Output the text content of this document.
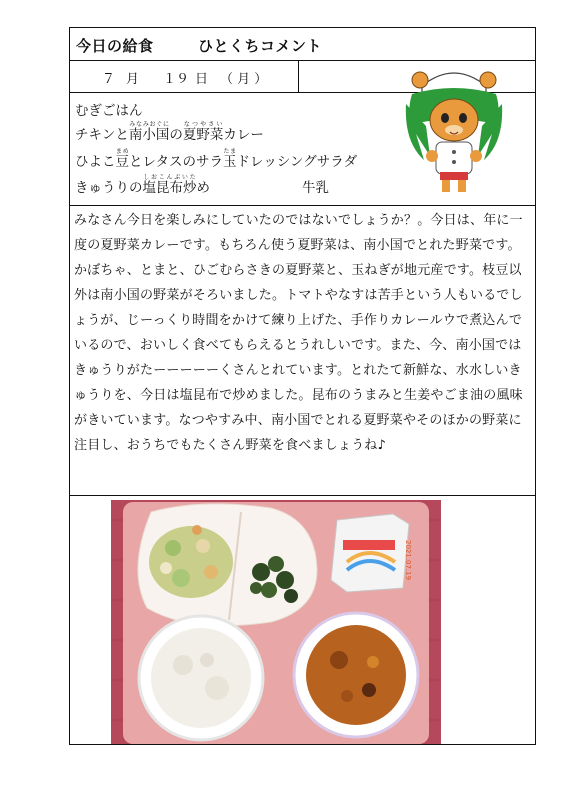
今日の給食	ひとくちコメント
７ 月 １９ 日 （ 月 ）
むぎごはん
チキンと南小国みなみおぐにの夏野菜なつやさいカレー
ひよこ豆まめとレタスのサラ玉たまドレッシングサラダ
きゅうりの塩昆布炒しおこんぶいため	牛乳

みなさん今日を楽しみにしていたのではないでしょうか？。今日は、年に一度の夏野菜カレーです。もちろん使う夏野菜は、南小国でとれた野菜です。かぼちゃ、とまと、ひごむらさきの夏野菜と、玉ねぎが地元産です。枝豆以外は南小国の野菜がそろいました。トマトやなすは苦手という人もいるでしょうが、じーっくり時間をかけて練り上げた、手作りカレールウで煮込んでいるので、おいしく食べてもらえるとうれしいです。また、今、南小国ではきゅうりがたーーーーーくさんとれています。とれたて新鮮な、水水しいきゅうりを、今日は塩昆布で炒めました。昆布のうまみと生姜やごま油の風味がきいています。なつやすみ中、南小国でとれる夏野菜やそのほかの野菜に注目し、おうちでもたくさん野菜を食べましょうね♪

2021.07.19
